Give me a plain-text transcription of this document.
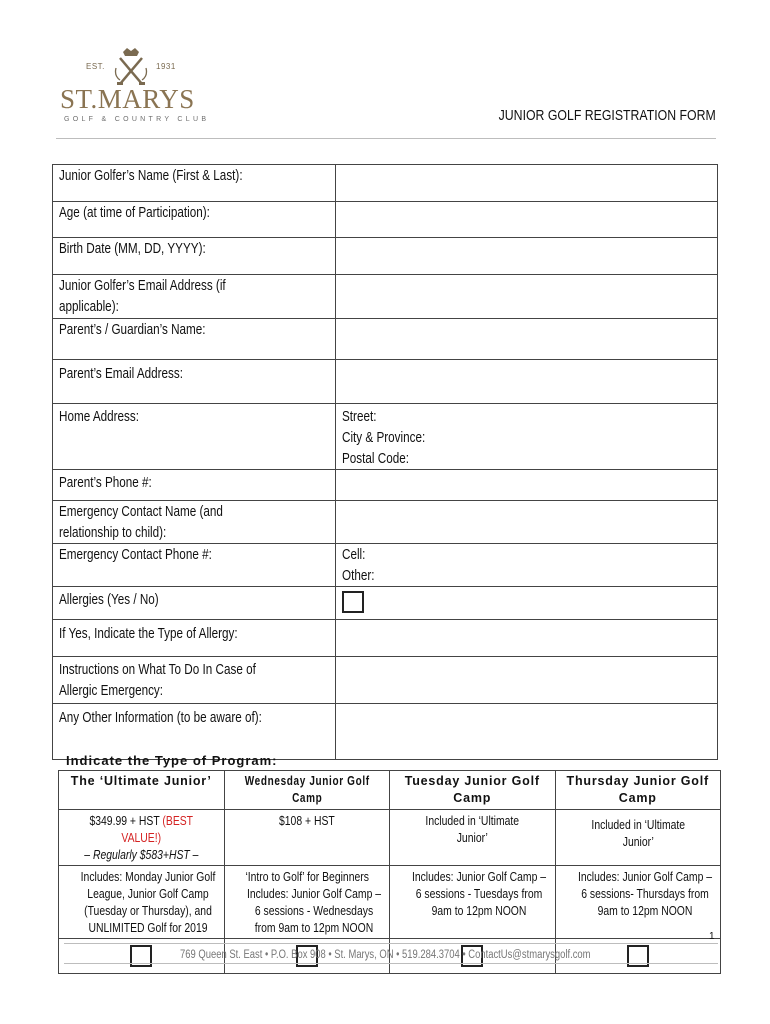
EST.	1931
ST.MARYS
GOLF & COUNTRY CLUB	JUNIOR GOLF REGISTRATION FORM
Junior Golfer’s Name (First & Last):	
Age (at time of Participation):	
Birth Date (MM, DD, YYYY):	
Junior Golfer’s Email Address (if applicable):	
Parent’s / Guardian’s Name:	
Parent’s Email Address:	
Home Address:	Street:
City & Province:
Postal Code:

Parent’s Phone #:	
Emergency Contact Name (and relationship to child):	
Emergency Contact Phone #:	Cell:
Other:

Allergies (Yes / No)	
If Yes, Indicate the Type of Allergy:	
Instructions on What To Do In Case of Allergic Emergency:	
Any Other Information (to be aware of):	
Indicate the Type of Program:
The ‘Ultimate Junior’	Wednesday Junior Golf Camp	Tuesday Junior Golf Camp	Thursday Junior Golf Camp
$349.99 + HST (BEST VALUE!) – Regularly $583+HST –	$108 + HST	Included in ‘Ultimate Junior’	Included in ‘Ultimate Junior’
Includes: Monday Junior Golf League, Junior Golf Camp (Tuesday or Thursday), and UNLIMITED Golf for 2019	‘Intro to Golf’ for Beginners Includes: Junior Golf Camp – 6 sessions - Wednesdays from 9am to 12pm NOON	Includes: Junior Golf Camp – 6 sessions - Tuesdays from 9am to 12pm NOON	Includes: Junior Golf Camp – 6 sessions- Thursdays from 9am to 12pm NOON

1
769 Queen St. East • P.O. Box 908 • St. Marys, ON • 519.284.3704 • ContactUs@stmarysgolf.com
